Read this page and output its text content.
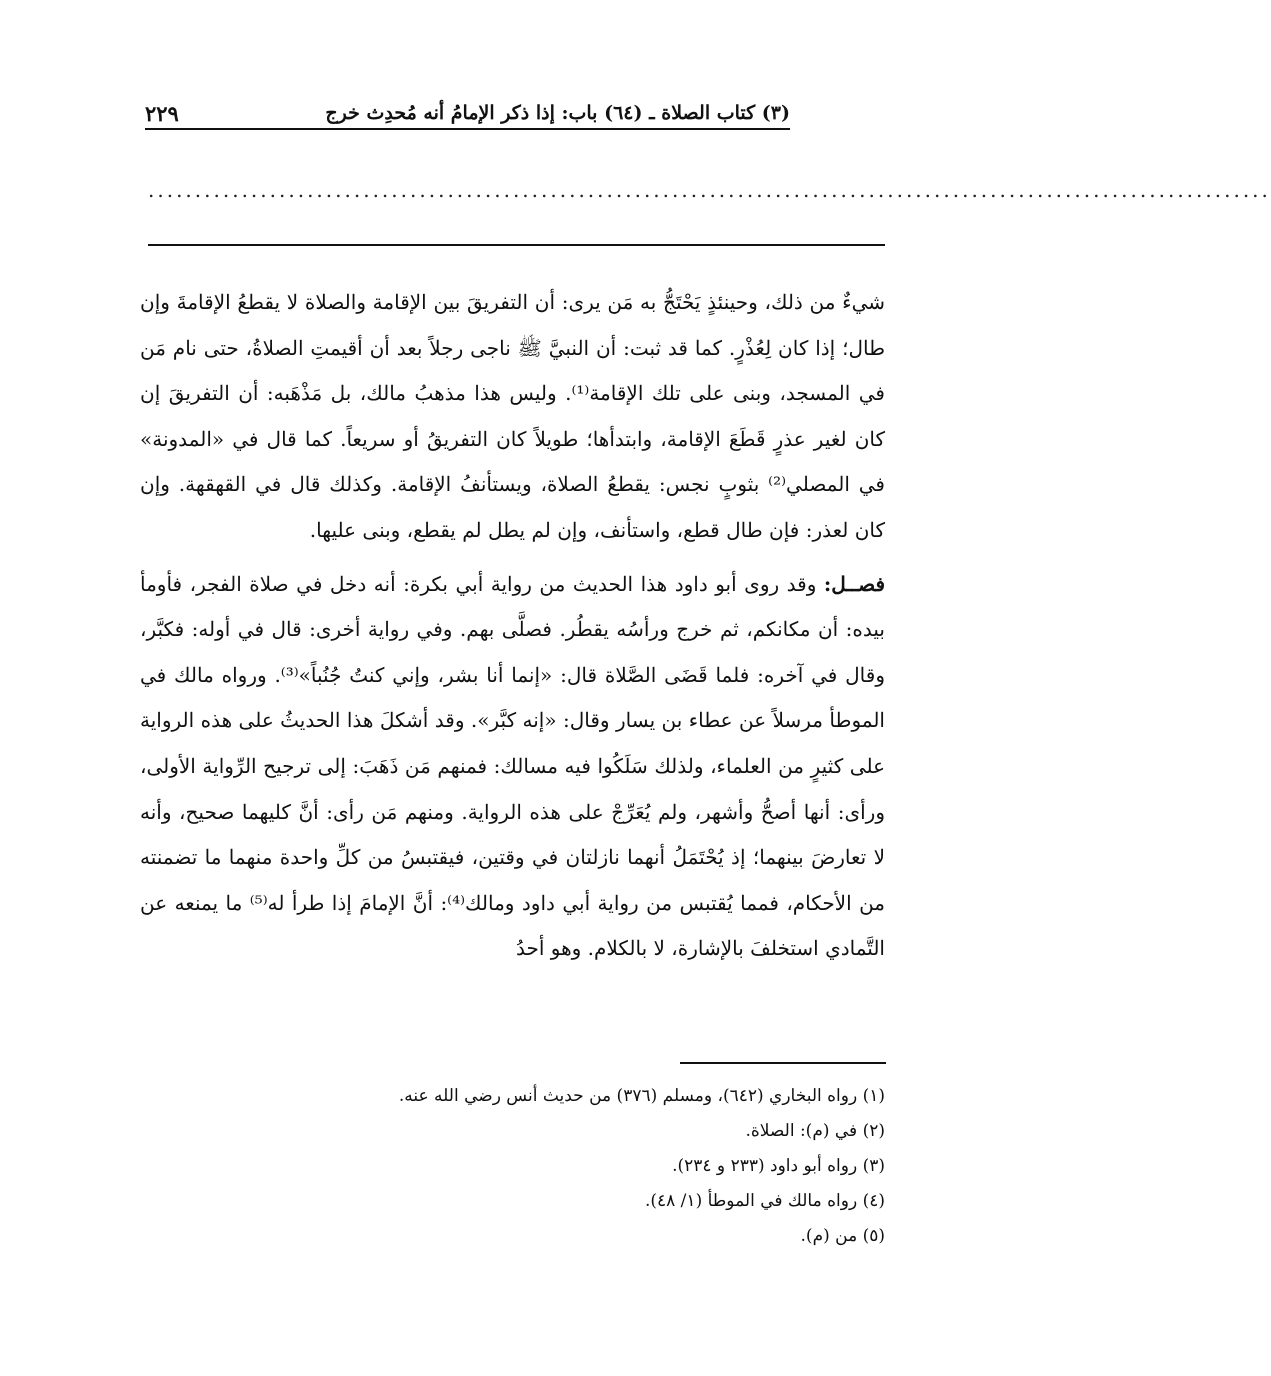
٢٢٩	(٣) كتاب الصلاة ـ (٦٤) باب: إذا ذكر الإمامُ أنه مُحدِث خرج
........................................................................................................................

شيءٌ من ذلك، وحينئذٍ يَحْتَجُّ به مَن يرى: أن التفريقَ بين الإقامة والصلاة لا يقطعُ الإقامةَ وإن طال؛ إذا كان لِعُذْرٍ. كما قد ثبت: أن النبيَّ ﷺ ناجى رجلاً بعد أن أقيمتِ الصلاةُ، حتى نام مَن في المسجد، وبنى على تلك الإقامة⁽¹⁾. وليس هذا مذهبُ مالك، بل مَذْهَبه: أن التفريقَ إن كان لغير عذرٍ قَطَعَ الإقامة، وابتدأها؛ طويلاً كان التفريقُ أو سريعاً. كما قال في «المدونة» في المصلي⁽²⁾ بثوبٍ نجس: يقطعُ الصلاة، ويستأنفُ الإقامة. وكذلك قال في القهقهة. وإن كان لعذر: فإن طال قطع، واستأنف، وإن لم يطل لم يقطع، وبنى عليها.

فصــل: وقد روى أبو داود هذا الحديث من رواية أبي بكرة: أنه دخل في صلاة الفجر، فأومأ بيده: أن مكانكم، ثم خرج ورأسُه يقطُر. فصلَّى بهم. وفي رواية أخرى: قال في أوله: فكبَّر، وقال في آخره: فلما قَضَى الصَّلاة قال: «إنما أنا بشر، وإني كنتُ جُنُباً»⁽³⁾. ورواه مالك في الموطأ مرسلاً عن عطاء بن يسار وقال: «إنه كبَّر». وقد أشكلَ هذا الحديثُ على هذه الرواية على كثيرٍ من العلماء، ولذلك سَلَكُوا فيه مسالك: فمنهم مَن ذَهَبَ: إلى ترجيح الرِّواية الأولى، ورأى: أنها أصحُّ وأشهر، ولم يُعَرِّجْ على هذه الرواية. ومنهم مَن رأى: أنَّ كليهما صحيح، وأنه لا تعارضَ بينهما؛ إذ يُحْتَمَلُ أنهما نازلتان في وقتين، فيقتبسُ من كلِّ واحدة منهما ما تضمنته من الأحكام، فمما يُقتبس من رواية أبي داود ومالك⁽⁴⁾: أنَّ الإمامَ إذا طرأ له⁽⁵⁾ ما يمنعه عن التَّمادي استخلفَ بالإشارة، لا بالكلام. وهو أحدُ

(١) رواه البخاري (٦٤٢)، ومسلم (٣٧٦) من حديث أنس رضي الله عنه.
(٢) في (م): الصلاة.
(٣) رواه أبو داود (٢٣٣ و ٢٣٤).
(٤) رواه مالك في الموطأ (١/ ٤٨).
(٥) من (م).
